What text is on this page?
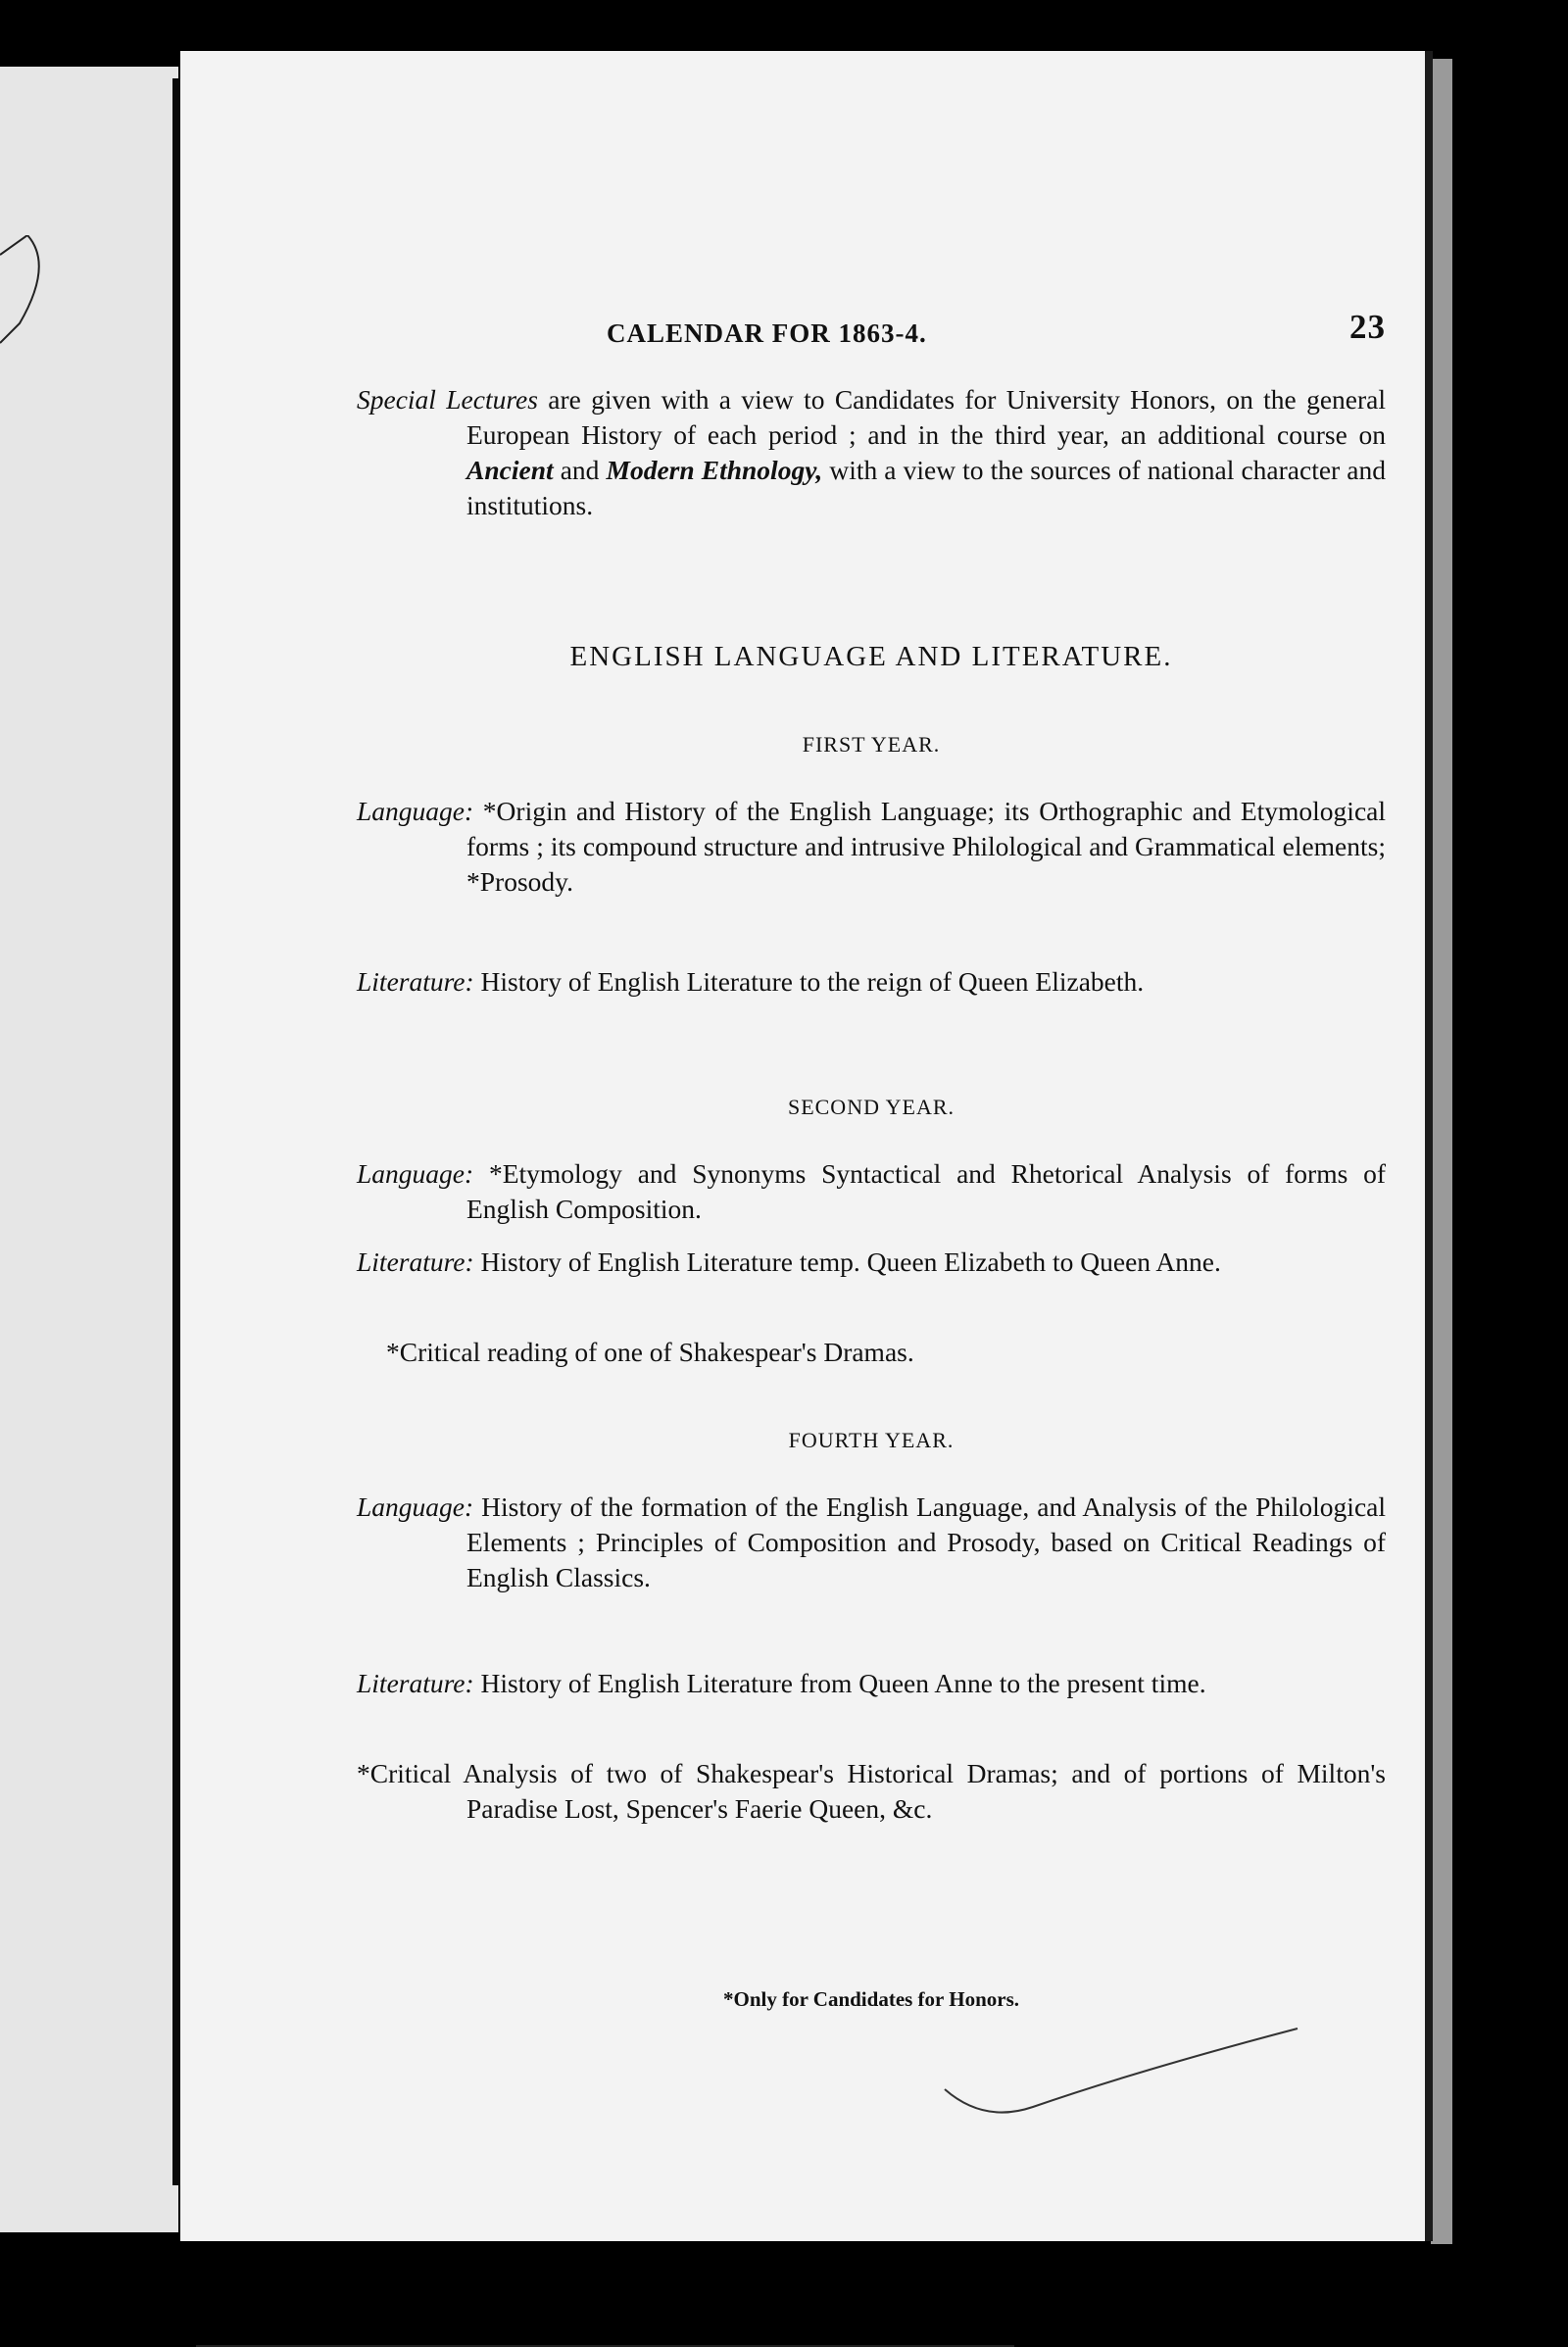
CALENDAR FOR 1863-4.	23
Special Lectures are given with a view to Candidates for University Honors, on the general European History of each period ; and in the third year, an additional course on Ancient and Modern Ethnology, with a view to the sources of national character and institutions.
ENGLISH LANGUAGE AND LITERATURE.
FIRST YEAR.
Language: *Origin and History of the English Language; its Orthographic and Etymological forms ; its compound structure and intrusive Philological and Grammatical elements; *Prosody.
Literature: History of English Literature to the reign of Queen Elizabeth.
SECOND YEAR.
Language: *Etymology and Synonyms Syntactical and Rhetorical Analysis of forms of English Composition.
Literature: History of English Literature temp. Queen Elizabeth to Queen Anne.
*Critical reading of one of Shakespear's Dramas.
FOURTH YEAR.
Language: History of the formation of the English Language, and Analysis of the Philological Elements ; Principles of Composition and Prosody, based on Critical Readings of English Classics.
Literature: History of English Literature from Queen Anne to the present time.
*Critical Analysis of two of Shakespear's Historical Dramas; and of portions of Milton's Paradise Lost, Spencer's Faerie Queen, &c.
*Only for Candidates for Honors.
